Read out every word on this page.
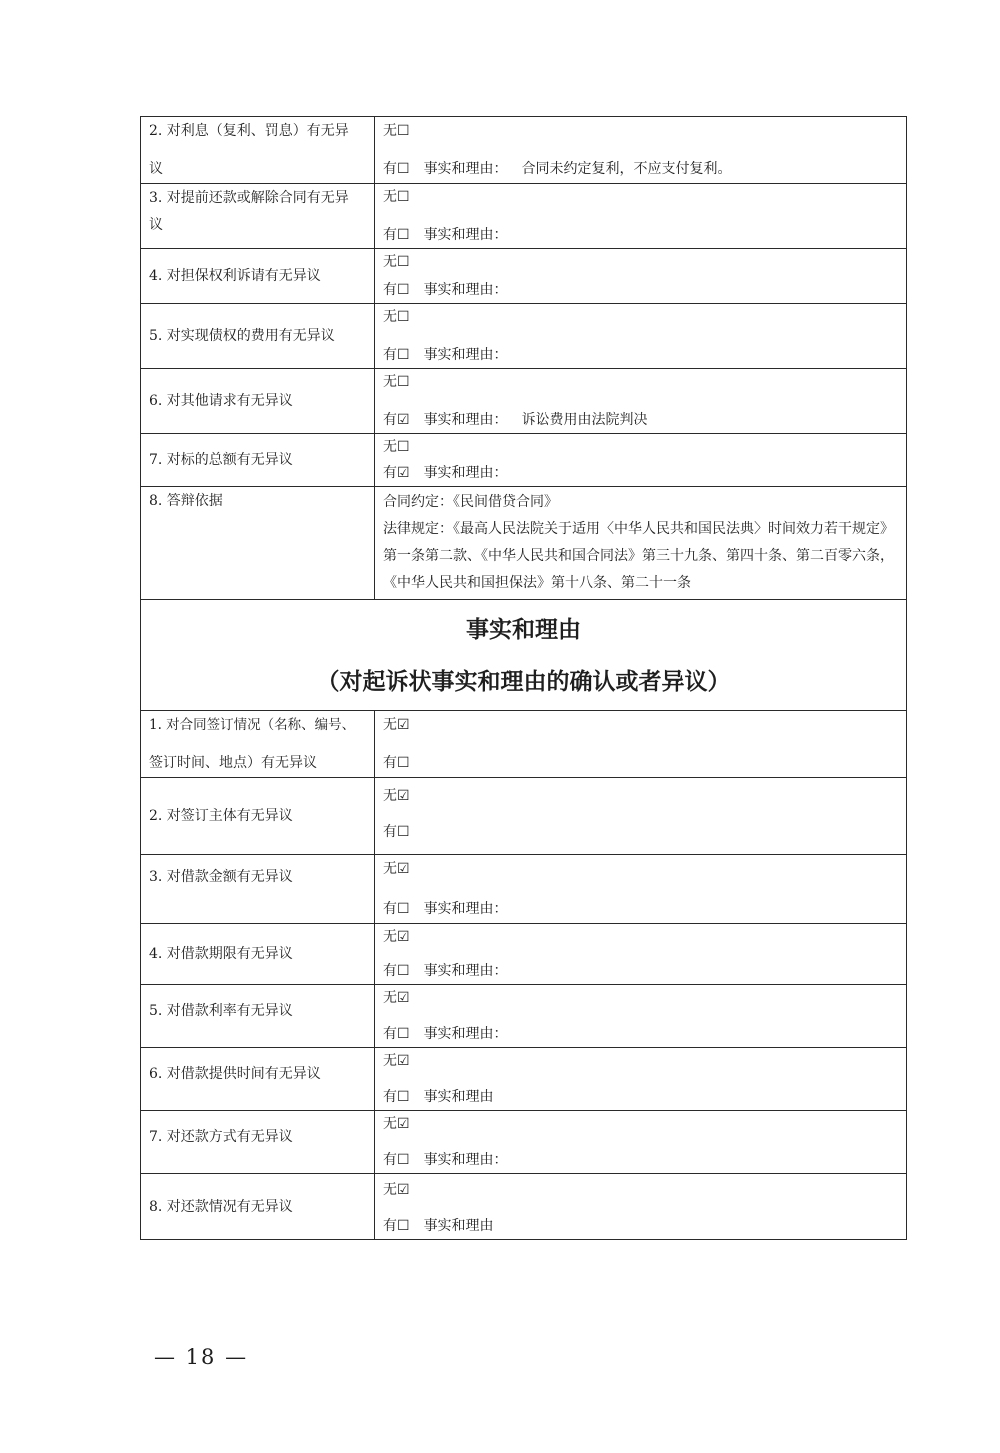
2. 对利息（复利、罚息）有无异
议	无☐
有☐ 事实和理由： 合同未约定复利，不应支付复利。

3. 对提前还款或解除合同有无异
议	无☐
有☐ 事实和理由：

4. 对担保权利诉请有无异议	无☐
有☐ 事实和理由：

5. 对实现债权的费用有无异议	无☐
有☐ 事实和理由：

6. 对其他请求有无异议	无☐
有☑ 事实和理由： 诉讼费用由法院判决

7. 对标的总额有无异议	无☐
有☑ 事实和理由：

8. 答辩依据	合同约定：《民间借贷合同》
法律规定：《最高人民法院关于适用〈中华人民共和国民法典〉时间效力若干规定》第一条第二款、《中华人民共和国合同法》第三十九条、第四十条、第二百零六条，《中华人民共和国担保法》第十八条、第二十一条

事实和理由
（对起诉状事实和理由的确认或者异议）	

1. 对合同签订情况（名称、编号、
签订时间、地点）有无异议	无☑
有☐

2. 对签订主体有无异议	无☑
有☐

3. 对借款金额有无异议	无☑
有☐ 事实和理由：

4. 对借款期限有无异议	无☑
有☐ 事实和理由：

5. 对借款利率有无异议	无☑
有☐ 事实和理由：

6. 对借款提供时间有无异议	无☑
有☐ 事实和理由

7. 对还款方式有无异议	无☑
有☐ 事实和理由：

8. 对还款情况有无异议	无☑
有☐ 事实和理由
— 18 —
